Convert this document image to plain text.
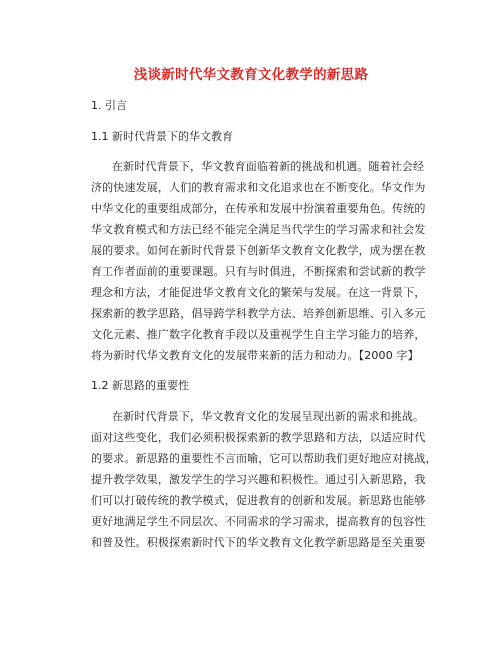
浅谈新时代华文教育文化教学的新思路
1. 引言
1.1 新时代背景下的华文教育
在新时代背景下，华文教育面临着新的挑战和机遇。随着社会经
济的快速发展，人们的教育需求和文化追求也在不断变化。华文作为
中华文化的重要组成部分，在传承和发展中扮演着重要角色。传统的
华文教育模式和方法已经不能完全满足当代学生的学习需求和社会发
展的要求。如何在新时代背景下创新华文教育文化教学，成为摆在教
育工作者面前的重要课题。只有与时俱进，不断探索和尝试新的教学
理念和方法，才能促进华文教育文化的繁荣与发展。在这一背景下，
探索新的教学思路，倡导跨学科教学方法、培养创新思维、引入多元
文化元素、推广数字化教育手段以及重视学生自主学习能力的培养，
将为新时代华文教育文化的发展带来新的活力和动力。【2000 字】
1.2 新思路的重要性
在新时代背景下，华文教育文化的发展呈现出新的需求和挑战。
面对这些变化，我们必须积极探索新的教学思路和方法，以适应时代
的要求。新思路的重要性不言而喻，它可以帮助我们更好地应对挑战，
提升教学效果，激发学生的学习兴趣和积极性。通过引入新思路，我
们可以打破传统的教学模式，促进教育的创新和发展。新思路也能够
更好地满足学生不同层次、不同需求的学习需求，提高教育的包容性
和普及性。积极探索新时代下的华文教育文化教学新思路是至关重要
